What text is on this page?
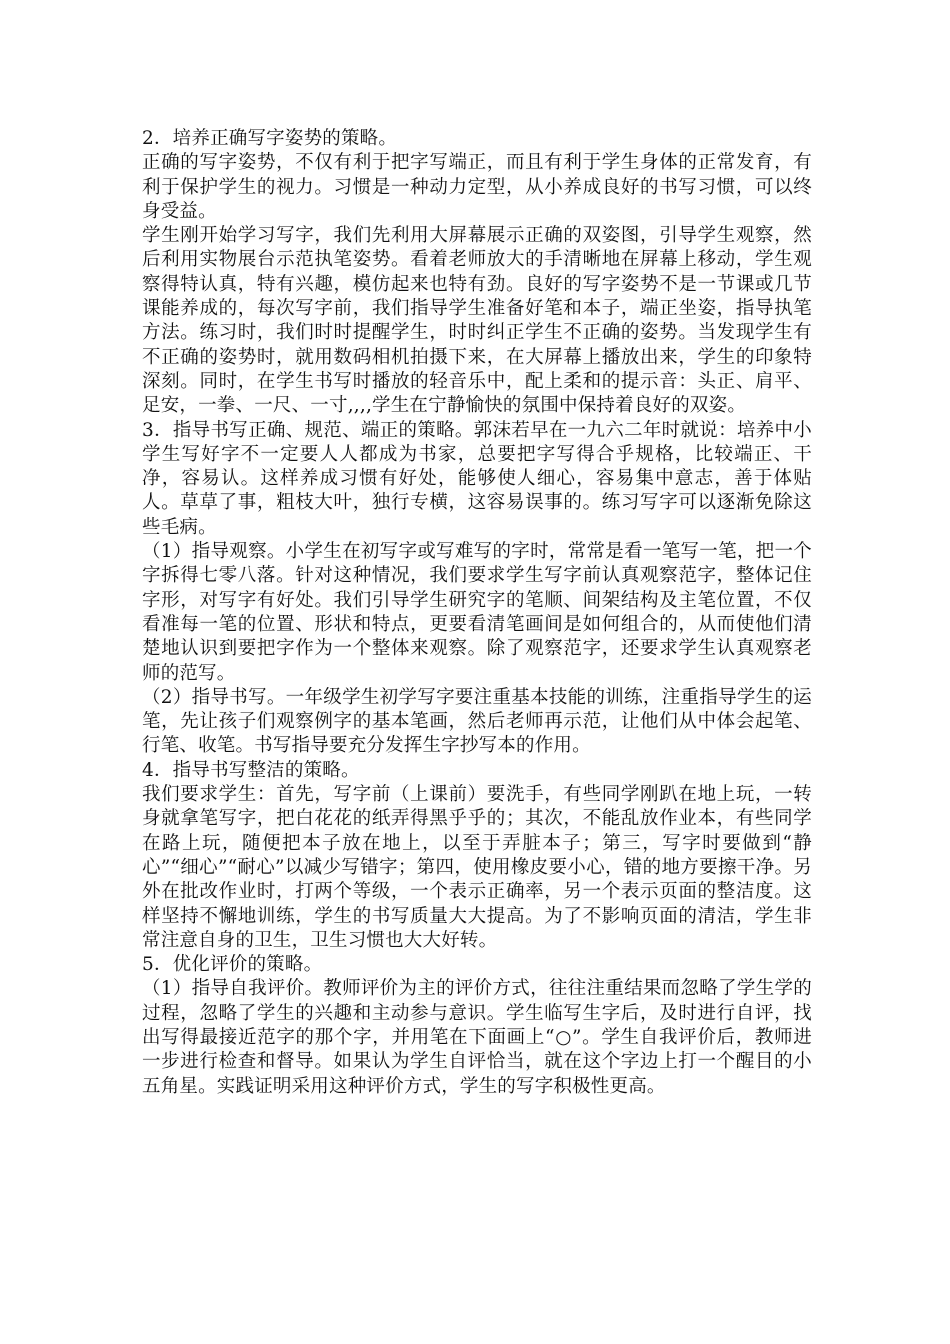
2．培养正确写字姿势的策略。

正确的写字姿势，不仅有利于把字写端正，而且有利于学生身体的正常发育，有利于保护学生的视力。习惯是一种动力定型，从小养成良好的书写习惯，可以终身受益。

学生刚开始学习写字，我们先利用大屏幕展示正确的双姿图，引导学生观察，然后利用实物展台示范执笔姿势。看着老师放大的手清晰地在屏幕上移动，学生观察得特认真，特有兴趣，模仿起来也特有劲。良好的写字姿势不是一节课或几节课能养成的，每次写字前，我们指导学生准备好笔和本子，端正坐姿，指导执笔方法。练习时，我们时时提醒学生，时时纠正学生不正确的姿势。当发现学生有不正确的姿势时，就用数码相机拍摄下来，在大屏幕上播放出来，学生的印象特深刻。同时，在学生书写时播放的轻音乐中，配上柔和的提示音：头正、肩平、足安，一拳、一尺、一寸,,,,学生在宁静愉快的氛围中保持着良好的双姿。

3．指导书写正确、规范、端正的策略。郭沫若早在一九六二年时就说：培养中小学生写好字不一定要人人都成为书家，总要把字写得合乎规格，比较端正、干净，容易认。这样养成习惯有好处，能够使人细心，容易集中意志，善于体贴人。草草了事，粗枝大叶，独行专横，这容易误事的。练习写字可以逐渐免除这些毛病。

（1）指导观察。小学生在初写字或写难写的字时，常常是看一笔写一笔，把一个字拆得七零八落。针对这种情况，我们要求学生写字前认真观察范字，整体记住字形，对写字有好处。我们引导学生研究字的笔顺、间架结构及主笔位置，不仅看准每一笔的位置、形状和特点，更要看清笔画间是如何组合的，从而使他们清楚地认识到要把字作为一个整体来观察。除了观察范字，还要求学生认真观察老师的范写。

（2）指导书写。一年级学生初学写字要注重基本技能的训练，注重指导学生的运笔，先让孩子们观察例字的基本笔画，然后老师再示范，让他们从中体会起笔、行笔、收笔。书写指导要充分发挥生字抄写本的作用。

4．指导书写整洁的策略。

我们要求学生：首先，写字前（上课前）要洗手，有些同学刚趴在地上玩，一转身就拿笔写字，把白花花的纸弄得黑乎乎的；其次，不能乱放作业本，有些同学在路上玩，随便把本子放在地上，以至于弄脏本子；第三，写字时要做到“静心”“细心”“耐心”以减少写错字；第四，使用橡皮要小心，错的地方要擦干净。另外在批改作业时，打两个等级，一个表示正确率，另一个表示页面的整洁度。这样坚持不懈地训练，学生的书写质量大大提高。为了不影响页面的清洁，学生非常注意自身的卫生，卫生习惯也大大好转。

5．优化评价的策略。

（1）指导自我评价。教师评价为主的评价方式，往往注重结果而忽略了学生学的过程，忽略了学生的兴趣和主动参与意识。学生临写生字后，及时进行自评，找出写得最接近范字的那个字，并用笔在下面画上“○”。学生自我评价后，教师进一步进行检查和督导。如果认为学生自评恰当，就在这个字边上打一个醒目的小五角星。实践证明采用这种评价方式，学生的写字积极性更高。
